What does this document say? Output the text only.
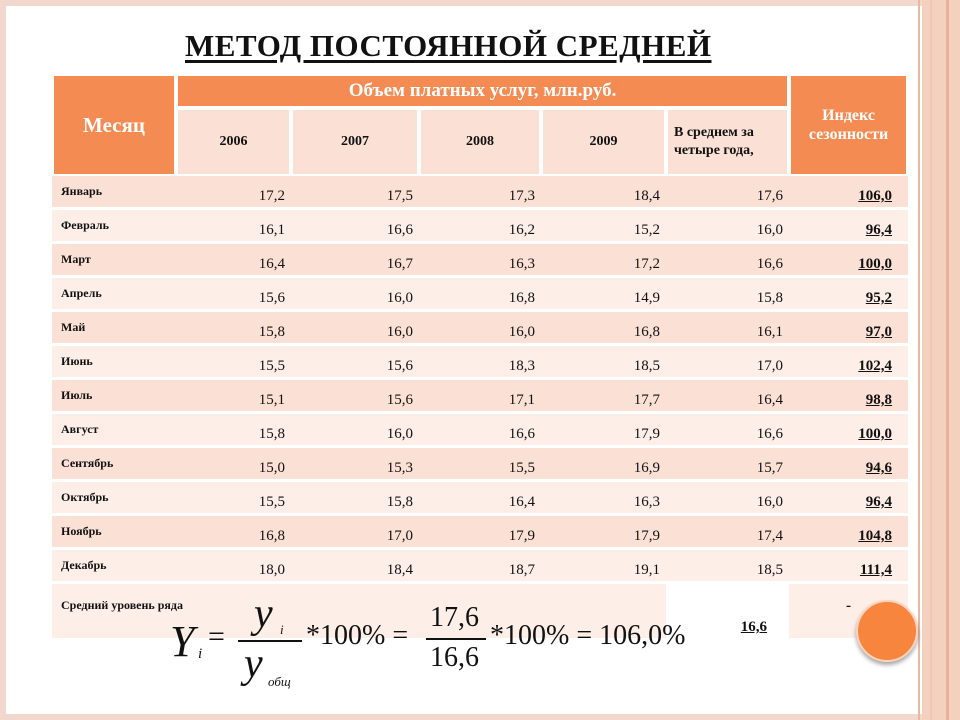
МЕТОД ПОСТОЯННОЙ СРЕДНЕЙ
Месяц	Объем платных услуг, млн.руб.					Индекс сезонности
	2006	2007	2008	2009	В среднем за четыре года,	
Январь	17,2	17,5	17,3	18,4	17,6	106,0
Февраль	16,1	16,6	16,2	15,2	16,0	96,4
Март	16,4	16,7	16,3	17,2	16,6	100,0
Апрель	15,6	16,0	16,8	14,9	15,8	95,2
Май	15,8	16,0	16,0	16,8	16,1	97,0
Июнь	15,5	15,6	18,3	18,5	17,0	102,4
Июль	15,1	15,6	17,1	17,7	16,4	98,8
Август	15,8	16,0	16,6	17,9	16,6	100,0
Сентябрь	15,0	15,3	15,5	16,9	15,7	94,6
Октябрь	15,5	15,8	16,4	16,3	16,0	96,4
Ноябрь	16,8	17,0	17,9	17,9	17,4	104,8
Декабрь	18,0	18,4	18,7	19,1	18,5	111,4
Средний уровень ряда					16,6	-
Y i
= y i
y общ
*100% =
17,6
16,6
*100% = 106,0%
